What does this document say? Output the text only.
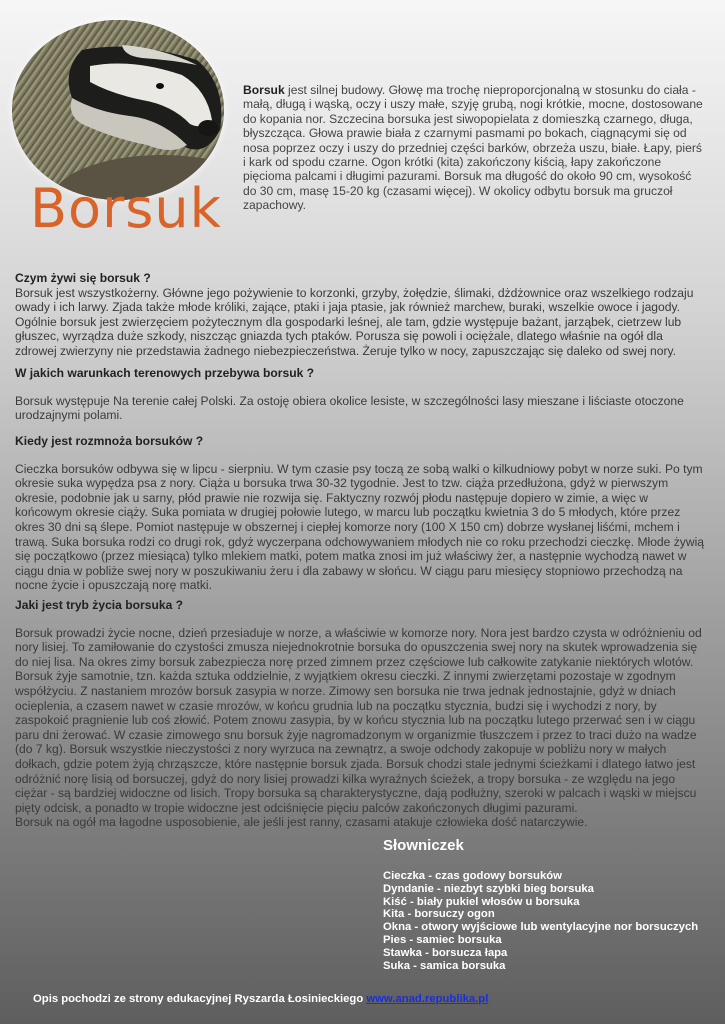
Borsuk
Borsuk jest silnej budowy. Głowę ma trochę nieproporcjonalną w stosunku do ciała - małą, długą i wąską, oczy i uszy małe, szyję grubą, nogi krótkie, mocne, dostosowane do kopania nor. Szczecina borsuka jest siwopopielata z domieszką czarnego, długa, błyszcząca. Głowa prawie biała z czarnymi pasmami po bokach, ciągnącymi się od nosa poprzez oczy i uszy do przedniej części barków, obrzeża uszu, białe. Łapy, pierś i kark od spodu czarne. Ogon krótki (kita) zakończony kiścią, łapy zakończone pięcioma palcami i długimi pazurami. Borsuk ma długość do około 90 cm, wysokość do 30 cm, masę 15-20 kg (czasami więcej). W okolicy odbytu borsuk ma gruczoł zapachowy.
Czym żywi się borsuk ?
Borsuk jest wszystkożerny. Główne jego pożywienie to korzonki, grzyby, żołędzie, ślimaki, dżdżownice oraz wszelkiego rodzaju owady i ich larwy. Zjada także młode króliki, zające, ptaki i jaja ptasie, jak również marchew, buraki, wszelkie owoce i jagody. Ogólnie borsuk jest zwierzęciem pożytecznym dla gospodarki leśnej, ale tam, gdzie występuje bażant, jarząbek, cietrzew lub głuszec, wyrządza duże szkody, niszcząc gniazda tych ptaków. Porusza się powoli i ociężale, dlatego właśnie na ogół dla zdrowej zwierzyny nie przedstawia żadnego niebezpieczeństwa. Żeruje tylko w nocy, zapuszczając się daleko od swej nory.
W jakich warunkach terenowych przebywa borsuk ?
Borsuk występuje Na terenie całej Polski. Za ostoję obiera okolice lesiste, w szczególności lasy mieszane i liściaste otoczone urodzajnymi polami.
Kiedy jest rozmnoża borsuków ?
Cieczka borsuków odbywa się w lipcu - sierpniu. W tym czasie psy toczą ze sobą walki o kilkudniowy pobyt w norze suki. Po tym okresie suka wypędza psa z nory. Ciąża u borsuka trwa 30-32 tygodnie. Jest to tzw. ciąża przedłużona, gdyż w pierwszym okresie, podobnie jak u sarny, płód prawie nie rozwija się. Faktyczny rozwój płodu następuje dopiero w zimie, a więc w końcowym okresie ciąży. Suka pomiata w drugiej połowie lutego, w marcu lub początku kwietnia 3 do 5 młodych, które przez okres 30 dni są ślepe. Pomiot następuje w obszernej i ciepłej komorze nory (100 X 150 cm) dobrze wysłanej liśćmi, mchem i trawą. Suka borsuka rodzi co drugi rok, gdyż wyczerpana odchowywaniem młodych nie co roku przechodzi cieczkę. Młode żywią się początkowo (przez miesiąca) tylko mlekiem matki, potem matka znosi im już właściwy żer, a następnie wychodzą nawet w ciągu dnia w pobliże swej nory w poszukiwaniu żeru i dla zabawy w słońcu. W ciągu paru miesięcy stopniowo przechodzą na nocne życie i opuszczają norę matki.
Jaki jest tryb życia borsuka ?
Borsuk prowadzi życie nocne, dzień przesiaduje w norze, a właściwie w komorze nory. Nora jest bardzo czysta w odróżnieniu od nory lisiej. To zamiłowanie do czystości zmusza niejednokrotnie borsuka do opuszczenia swej nory na skutek wprowadzenia się do niej lisa. Na okres zimy borsuk zabezpiecza norę przed zimnem przez częściowe lub całkowite zatykanie niektórych wlotów. Borsuk żyje samotnie, tzn. każda sztuka oddzielnie, z wyjątkiem okresu cieczki. Z innymi zwierzętami pozostaje w zgodnym współżyciu. Z nastaniem mrozów borsuk zasypia w norze. Zimowy sen borsuka nie trwa jednak jednostajnie, gdyż w dniach ocieplenia, a czasem nawet w czasie mrozów, w końcu grudnia lub na początku stycznia, budzi się i wychodzi z nory, by zaspokoić pragnienie lub coś złowić. Potem znowu zasypia, by w końcu stycznia lub na początku lutego przerwać sen i w ciągu paru dni żerować. W czasie zimowego snu borsuk żyje nagromadzonym w organizmie tłuszczem i przez to traci dużo na wadze (do 7 kg). Borsuk wszystkie nieczystości z nory wyrzuca na zewnątrz, a swoje odchody zakopuje w pobliżu nory w małych dołkach, gdzie potem żyją chrząszcze, które następnie borsuk zjada. Borsuk chodzi stale jednymi ścieżkami i dlatego łatwo jest odróżnić norę lisią od borsuczej, gdyż do nory lisiej prowadzi kilka wyraźnych ścieżek, a tropy borsuka - ze względu na jego ciężar - są bardziej widoczne od lisich. Tropy borsuka są charakterystyczne, dają podłużny, szeroki w palcach i wąski w miejscu pięty odcisk, a ponadto w tropie widoczne jest odciśnięcie pięciu palców zakończonych długimi pazurami.
Borsuk na ogół ma łagodne usposobienie, ale jeśli jest ranny, czasami atakuje człowieka dość natarczywie.
Słowniczek
Cieczka - czas godowy borsuków
Dyndanie - niezbyt szybki bieg borsuka
Kiść - biały pukiel włosów u borsuka
Kita - borsuczy ogon
Okna - otwory wyjściowe lub wentylacyjne nor borsuczych
Pies - samiec borsuka
Stawka - borsucza łapa
Suka - samica borsuka
Opis pochodzi ze strony edukacyjnej Ryszarda Łosinieckiego www.anad.republika.pl
